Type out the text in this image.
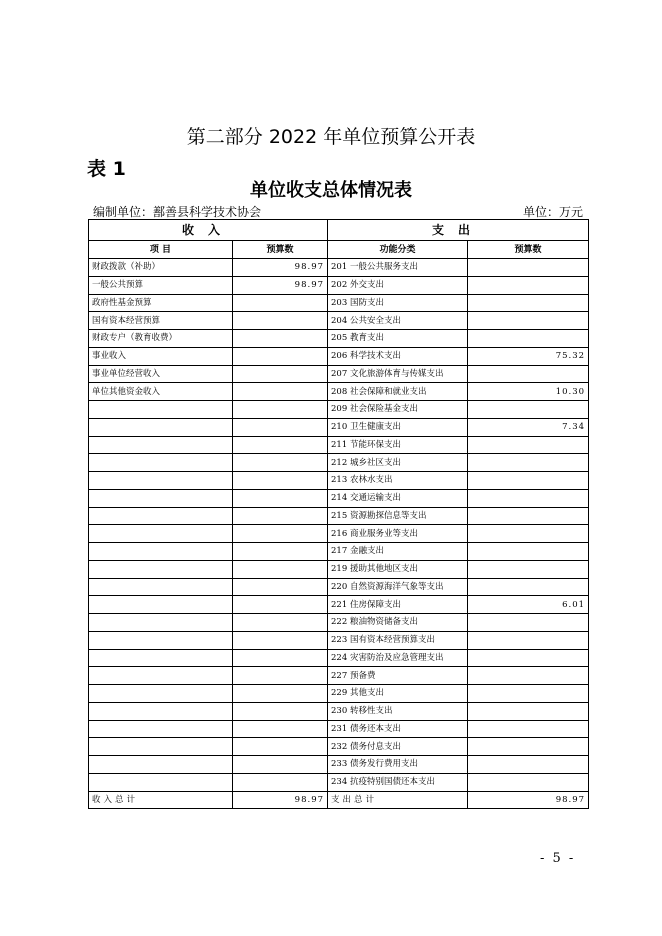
第二部分 2022 年单位预算公开表
表 1
单位收支总体情况表
编制单位：鄯善县科学技术协会	单位：万元
收入		支出	
项 目	预算数	功能分类	预算数
财政拨款（补助）	98.97	201 一般公共服务支出	
一般公共预算	98.97	202 外交支出	
政府性基金预算		203 国防支出	
国有资本经营预算		204 公共安全支出	
财政专户（教育收费）		205 教育支出	
事业收入		206 科学技术支出	75.32
事业单位经营收入		207 文化旅游体育与传媒支出	
单位其他资金收入		208 社会保障和就业支出	10.30
		209 社会保险基金支出	
		210 卫生健康支出	7.34
		211 节能环保支出	
		212 城乡社区支出	
		213 农林水支出	
		214 交通运输支出	
		215 资源勘探信息等支出	
		216 商业服务业等支出	
		217 金融支出	
		219 援助其他地区支出	
		220 自然资源海洋气象等支出	
		221 住房保障支出	6.01
		222 粮油物资储备支出	
		223 国有资本经营预算支出	
		224 灾害防治及应急管理支出	
		227 预备费	
		229 其他支出	
		230 转移性支出	
		231 债务还本支出	
		232 债务付息支出	
		233 债务发行费用支出	
		234 抗疫特别国债还本支出	
收入总计	98.97	支出总计	98.97
- 5 -
